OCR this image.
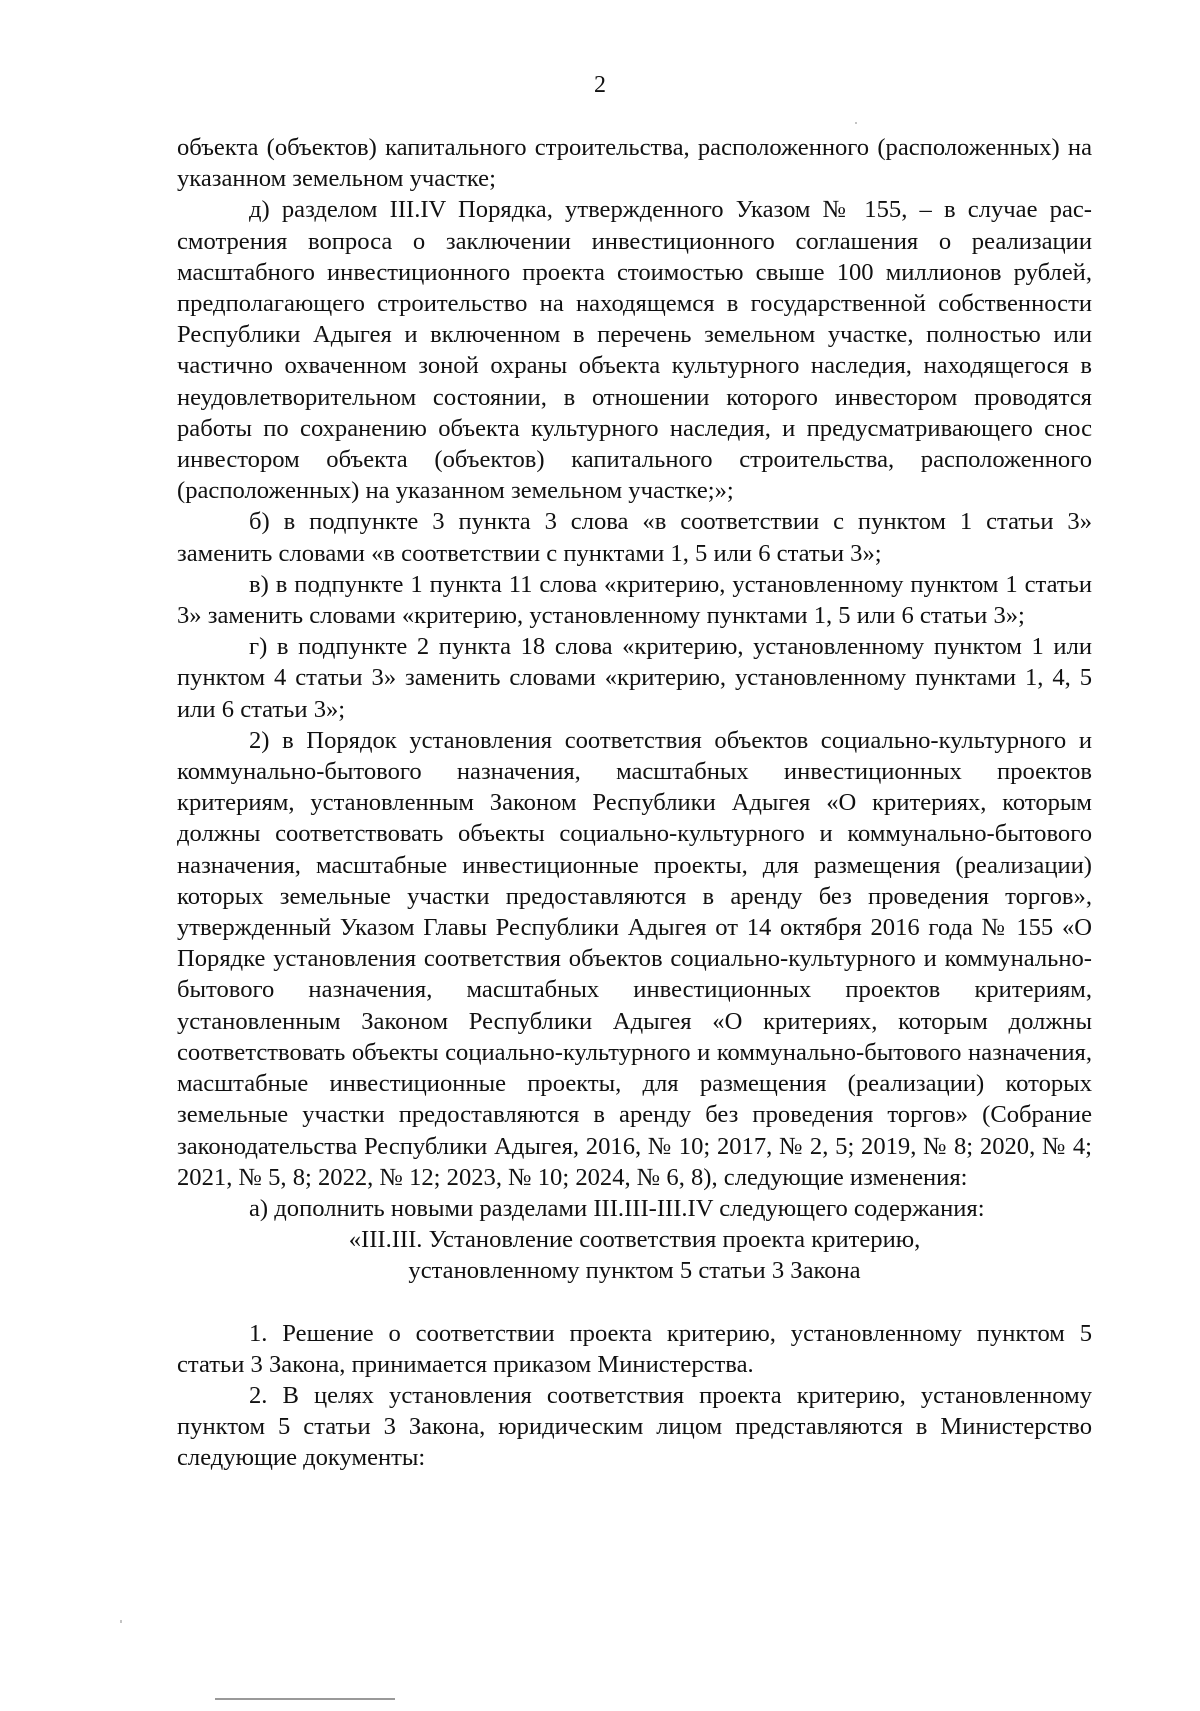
2

объекта (объектов) капитального строительства, расположенного (расположенных) на указанном земельном участке;

д) разделом III.IV Порядка, утвержденного Указом № 155, – в случае рассмотрения вопроса о заключении инвестиционного соглашения о реализации масштабного инвестиционного проекта стоимостью свыше 100 миллионов рублей, предполагающего строительство на находящемся в государственной собственности Республики Адыгея и включенном в перечень земельном участке, полностью или частично охваченном зоной охраны объекта культурного наследия, находящегося в неудовлетворительном состоянии, в отношении которого инвестором проводятся работы по сохранению объекта культурного наследия, и предусматривающего снос инвестором объекта (объектов) капитального строительства, расположенного (расположенных) на указанном земельном участке;»;

б) в подпункте 3 пункта 3 слова «в соответствии с пунктом 1 статьи 3» заменить словами «в соответствии с пунктами 1, 5 или 6 статьи 3»;

в) в подпункте 1 пункта 11 слова «критерию, установленному пунктом 1 статьи 3» заменить словами «критерию, установленному пунктами 1, 5 или 6 статьи 3»;

г) в подпункте 2 пункта 18 слова «критерию, установленному пунктом 1 или пунктом 4 статьи 3» заменить словами «критерию, установленному пунктами 1, 4, 5 или 6 статьи 3»;

2) в Порядок установления соответствия объектов социально-культурного и коммунально-бытового назначения, масштабных инвестиционных проектов критериям, установленным Законом Республики Адыгея «О критериях, которым должны соответствовать объекты социально-культурного и коммунально-бытового назначения, масштабные инвестиционные проекты, для размещения (реализации) которых земельные участки предоставляются в аренду без проведения торгов», утвержденный Указом Главы Республики Адыгея от 14 октября 2016 года № 155 «О Порядке установления соответствия объектов социально-культурного и коммунально-бытового назначения, масштабных инвестиционных проектов критериям, установленным Законом Республики Адыгея «О критериях, которым должны соответствовать объекты социально-культурного и коммунально-бытового назначения, масштабные инвестиционные проекты, для размещения (реализации) которых земельные участки предоставляются в аренду без проведения торгов» (Собрание законодательства Республики Адыгея, 2016, № 10; 2017, № 2, 5; 2019, № 8; 2020, № 4; 2021, № 5, 8; 2022, № 12; 2023, № 10; 2024, № 6, 8), следующие изменения:

а) дополнить новыми разделами III.III-III.IV следующего содержания:

«III.III. Установление соответствия проекта критерию,

установленному пунктом 5 статьи 3 Закона

1. Решение о соответствии проекта критерию, установленному пунктом 5 статьи 3 Закона, принимается приказом Министерства.

2. В целях установления соответствия проекта критерию, установленному пунктом 5 статьи 3 Закона, юридическим лицом представляются в Министерство следующие документы:
